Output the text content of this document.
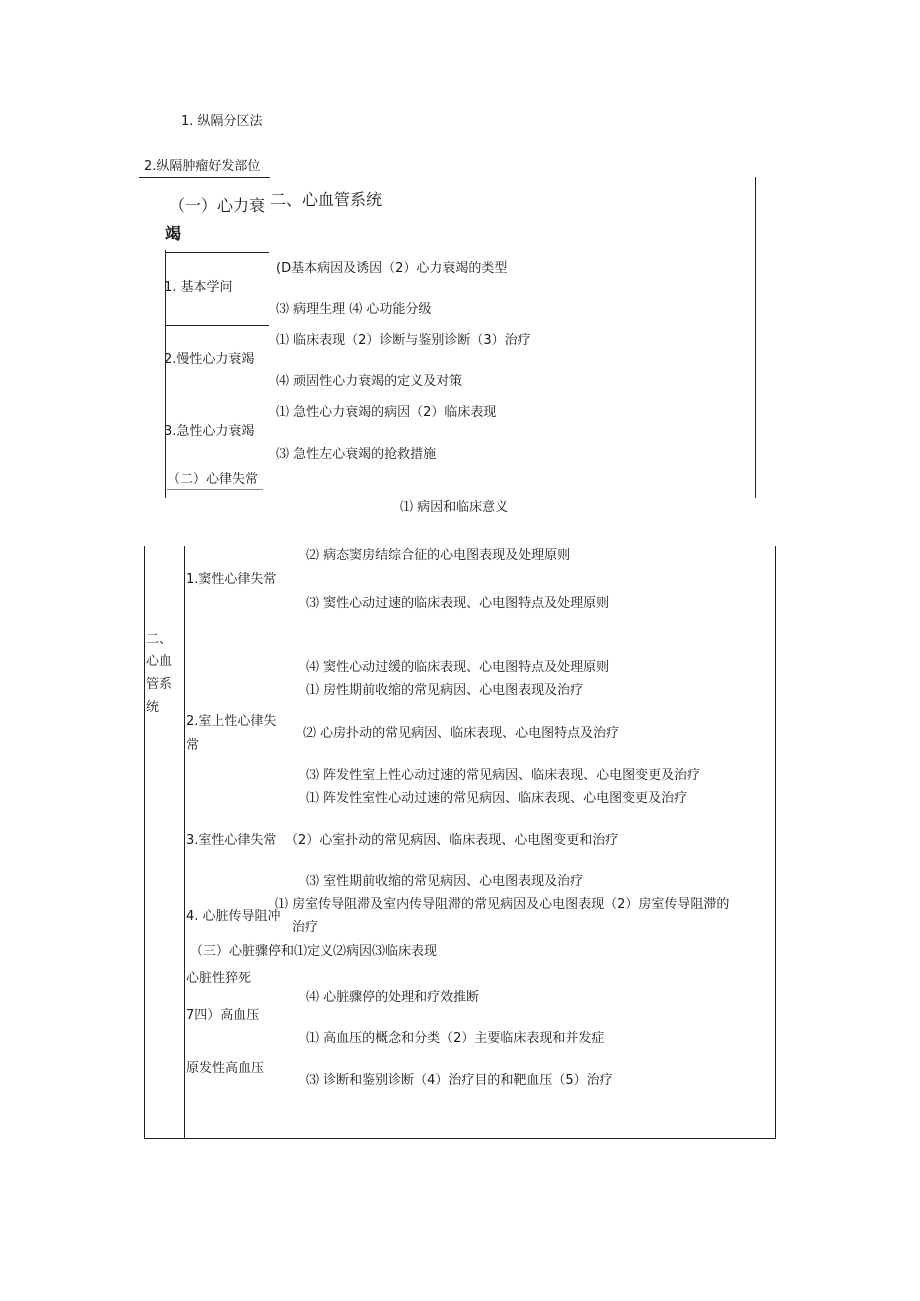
1. 纵隔分区法
2.纵隔肿瘤好发部位
（一）心力衰
竭
二、心血管系统
1. 基本学问
(D基本病因及诱因（2）心力衰竭的类型
⑶ 病理生理 ⑷ 心功能分级
2.慢性心力衰竭
⑴ 临床表现（2）诊断与鉴别诊断（3）治疗
⑷ 顽固性心力衰竭的定义及对策
3.急性心力衰竭
⑴ 急性心力衰竭的病因（2）临床表现
⑶ 急性左心衰竭的抢救措施
（二）心律失常
⑴ 病因和临床意义
二、
心血
管系
统
1.窦性心律失常
⑵ 病态窦房结综合征的心电图表现及处理原则
⑶ 窦性心动过速的临床表现、心电图特点及处理原则
⑷ 窦性心动过缓的临床表现、心电图特点及处理原则
2.室上性心律失
常
⑴ 房性期前收缩的常见病因、心电图表现及治疗
⑵ 心房扑动的常见病因、临床表现、心电图特点及治疗
⑶ 阵发性室上性心动过速的常见病因、临床表现、心电图变更及治疗
⑴ 阵发性室性心动过速的常见病因、临床表现、心电图变更及治疗
3.室性心律失常 （2）心室扑动的常见病因、临床表现、心电图变更和治疗
⑶ 室性期前收缩的常见病因、心电图表现及治疗
4. 心脏传导阻冲
⑴ 房室传导阻滞及室内传导阻滞的常见病因及心电图表现（2）房室传导阻滞的
治疗
（三）心脏骤停和⑴定义⑵病因⑶临床表现
心脏性猝死
⑷ 心脏骤停的处理和疗效推断
7四）高血压
⑴ 高血压的概念和分类（2）主要临床表现和并发症
原发性高血压
⑶ 诊断和鉴别诊断（4）治疗目的和靶血压（5）治疗
